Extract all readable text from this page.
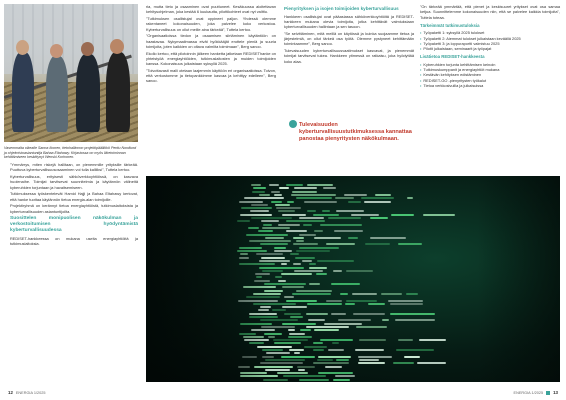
Vasemmalta oikealle Sanna Ikonen, tietohallinnon projektipäällikkö Perttu Nordlund ja ohjelmistoasiantuntija Bahaa Eltahawy. Kirjastossa on myös liiketoiminnan kehittämiseen keskittynyt Wenski Korhonen.

ria, mutta tieto ja osaaminen ovat puuttuneet. Kesäkuussa aloitettavan kehitysohjelman, joka kestää 6 kuukautta, pilottikohteet ovat nyt valittu.

"Tutkimuksen osallistujat ovat oppineet paljon. Yhdessä olemme rakentaneet kokonaisuuden, joka palvelee koko verkostoa. Kyberturvallisuus on ollut meille aina tärkeää", Tuttela kertoo.

"Organisaatioissa tiedon ja osaamisen siirtäminen käytäntöön on haastavaa. Nykymaailmassa eivät hyökkääjät erottele pieniä ja suuria toimijoita, joten kaikkien on oltava valmiita toimimaan", Berg sanoo.

Ekollo kertoo, että pilotoinnin jälkeen hanketta jatketaan REDISEThanke on yhteistyöä energiayhtiöiden, tutkimuslaitosten ja muiden toimijoiden kanssa. Kokonaisuus julkaistaan syksyllä 2025.

"Toivottavasti malli otetaan laajemmin käyttöön eri organisaatioissa. Toivon, että verkostomme ja tietopankkimme kasvaa ja kehittyy edelleen", Berg sanoo.

Pienyrityksen ja isojen toimijoiden kyberturvallisuus

Hankkeen osallistujat ovat pääasiassa sähköverkkoyhtiöitä ja REDISET-hankkeen mukana olevia toimijoita, jotka kehittävät valmiuksiaan kyberturvallisuuden hallintaan ja sen tasoon.

"Se selvittäminen, mitä meillä on käytössä ja kuinka suojaamme tietoa ja järjestelmiä, on ollut tärkeä osa työtä. Olemme pystyneet kehittämään toimintaamme", Berg sanoo.

Tulevaisuuden kyberturvallisuusvaatimukset kasvavat, ja pienemmät toimijat tarvitsevat tukea. Hankkeen ytimessä on ratkaisu, joka hyödyttää koko alaa.

Tulevaisuuden kyberturvallisuustutkimuksessa kannattaa panostaa pienyritysten näkökulmaan.

"On tärkeää ymmärtää, että pienet ja keskisuuret yritykset ovat osa samaa ketjua. Suunnittelemme kokonaisuuden niin, että se palvelee kaikkia toimijoita", Tuttela toteaa.

Tärkeimmät tutkimustuloksia
• Työpaketti 1: syksyllä 2025 tulokset
• Työpaketti 2: Aiemmat tulokset julkaistaan keväällä 2025
• Työpaketti 3: ja loppuraportti valmistuu 2025
• Pilotit julkaistaan, seminaarit ja työpajat
Lisätietoa REDISET-hankkeesta
• Kyberuhkien torjunta kehittämisen keinoin
• Tutkimuskumppanit ja energiayhtiöt mukana
• Kestävän kehityksen edistäminen
• REDISET-GO -pienyritysten työkalut
• Tietoa verkkosivuilla ja julkaisuissa

"Ymmärrys, miten riskejä hallitaan, on pienemmille yrityksille tärkeää. Puuttuva kyberturvallisuusosaaminen voi tulla kalliiksi", Tuttela kertoo.

Kyberturvallisuus, erityisesti sähköverkkoyhtiöissä, on kasvava huolenaihe. Toimijat tarvitsevat suunnitelmia ja käytännön välineitä kyberuhkien torjuntaan ja havaitsemiseen.

Tutkimuksessa työskentelevät Hamid Hajji ja Bahaa Eltahawy kertovat, että hanke tuottaa käytännön tietoa energia-alan toimijoille.

Projektiryhmä on kerännyt tietoa energiayhtiöistä, tutkimuslaitoksista ja kyberturvallisuuden asiantuntijoilta.

Suosittelen monipuolisen näkökulman ja verkostoitumisen hyödyntämistä kyberturvallisuudessa

REDISET-hankkeessa on mukana useita energiayhtiöitä ja tutkimuslaitoksia.

12 ENERGIA 1/2025	ENERGIA 1/2025 13
